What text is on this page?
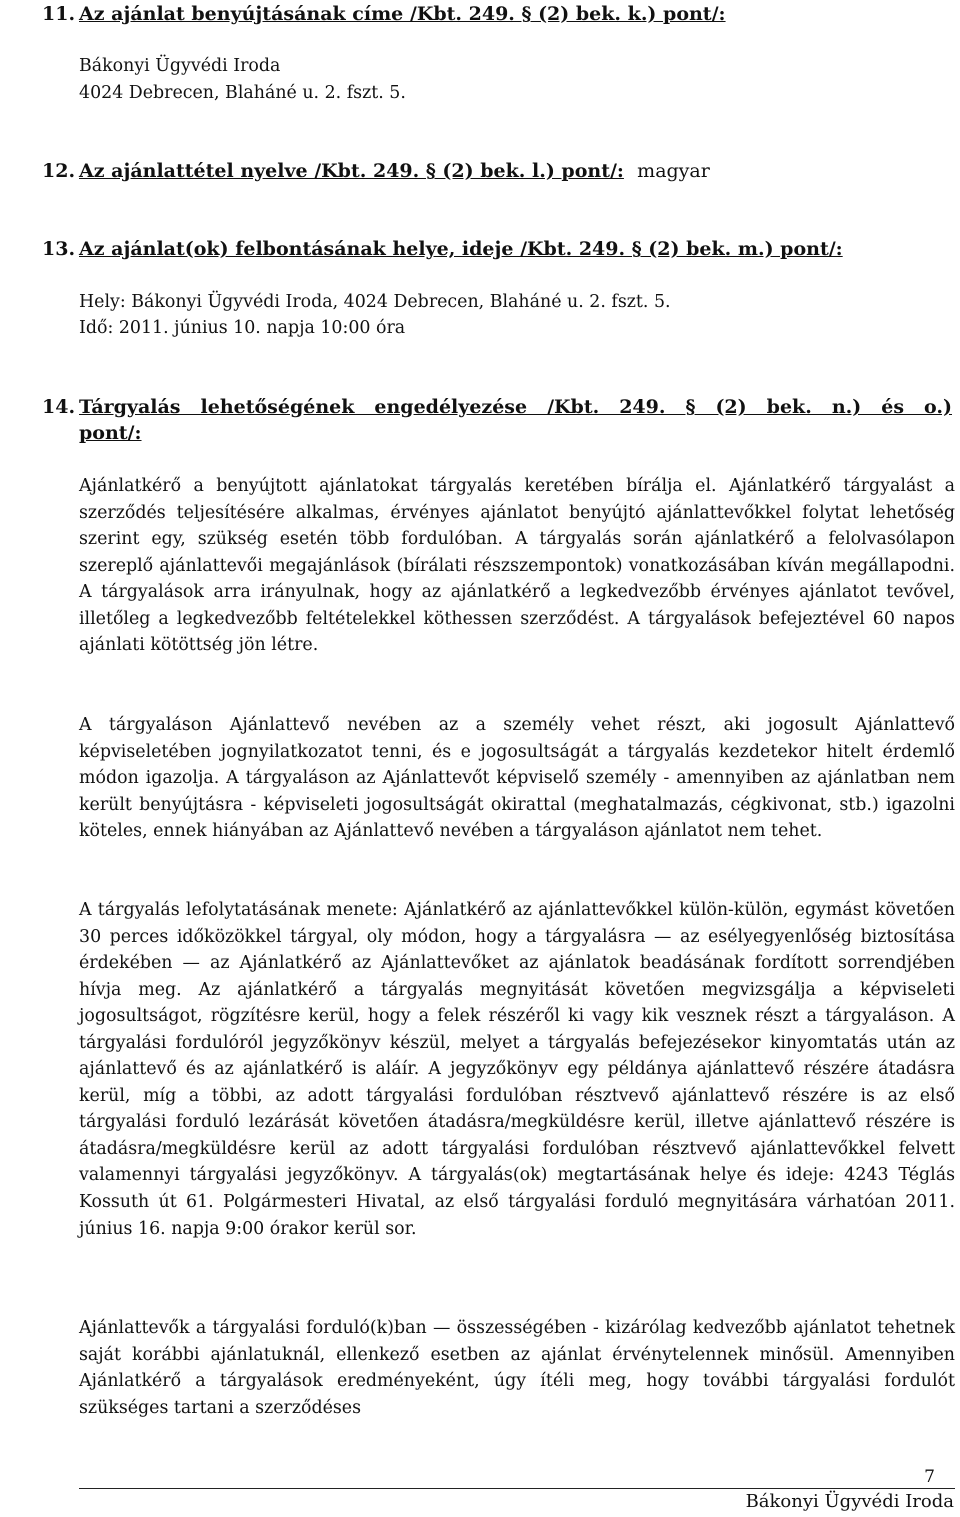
11. Az ajánlat benyújtásának címe /Kbt. 249. § (2) bek. k.) pont/:
Bákonyi Ügyvédi Iroda
4024 Debrecen, Blaháné u. 2. fszt. 5.
12. Az ajánlattétel nyelve /Kbt. 249. § (2) bek. l.) pont/: magyar
13. Az ajánlat(ok) felbontásának helye, ideje /Kbt. 249. § (2) bek. m.) pont/:
Hely: Bákonyi Ügyvédi Iroda, 4024 Debrecen, Blaháné u. 2. fszt. 5.
Idő: 2011. június 10. napja 10:00 óra
14. Tárgyalás lehetőségének engedélyezése /Kbt. 249. § (2) bek. n.) és o.)
pont/:

Ajánlatkérő a benyújtott ajánlatokat tárgyalás keretében bírálja el. Ajánlatkérő tárgyalást a szerződés teljesítésére alkalmas, érvényes ajánlatot benyújtó ajánlattevőkkel folytat lehetőség szerint egy, szükség esetén több fordulóban. A tárgyalás során ajánlatkérő a felolvasólapon szereplő ajánlattevői megajánlások (bírálati részszempontok) vonatkozásában kíván megállapodni. A tárgyalások arra irányulnak, hogy az ajánlatkérő a legkedvezőbb érvényes ajánlatot tevővel, illetőleg a legkedvezőbb feltételekkel köthessen szerződést. A tárgyalások befejeztével 60 napos ajánlati kötöttség jön létre.

A tárgyaláson Ajánlattevő nevében az a személy vehet részt, aki jogosult Ajánlattevő képviseletében jognyilatkozatot tenni, és e jogosultságát a tárgyalás kezdetekor hitelt érdemlő módon igazolja. A tárgyaláson az Ajánlattevőt képviselő személy - amennyiben az ajánlatban nem került benyújtásra - képviseleti jogosultságát okirattal (meghatalmazás, cégkivonat, stb.) igazolni köteles, ennek hiányában az Ajánlattevő nevében a tárgyaláson ajánlatot nem tehet.

A tárgyalás lefolytatásának menete: Ajánlatkérő az ajánlattevőkkel külön-külön, egymást követően 30 perces időközökkel tárgyal, oly módon, hogy a tárgyalásra — az esélyegyenlőség biztosítása érdekében — az Ajánlatkérő az Ajánlattevőket az ajánlatok beadásának fordított sorrendjében hívja meg. Az ajánlatkérő a tárgyalás megnyitását követően megvizsgálja a képviseleti jogosultságot, rögzítésre kerül, hogy a felek részéről ki vagy kik vesznek részt a tárgyaláson. A tárgyalási fordulóról jegyzőkönyv készül, melyet a tárgyalás befejezésekor kinyomtatás után az ajánlattevő és az ajánlatkérő is aláír. A jegyzőkönyv egy példánya ajánlattevő részére átadásra kerül, míg a többi, az adott tárgyalási fordulóban résztvevő ajánlattevő részére is az első tárgyalási forduló lezárását követően átadásra/megküldésre kerül, illetve ajánlattevő részére is átadásra/megküldésre kerül az adott tárgyalási fordulóban résztvevő ajánlattevőkkel felvett valamennyi tárgyalási jegyzőkönyv. A tárgyalás(ok) megtartásának helye és ideje: 4243 Téglás Kossuth út 61. Polgármesteri Hivatal, az első tárgyalási forduló megnyitására várhatóan 2011. június 16. napja 9:00 órakor kerül sor.

Ajánlattevők a tárgyalási forduló(k)ban — összességében - kizárólag kedvezőbb ajánlatot tehetnek saját korábbi ajánlatuknál, ellenkező esetben az ajánlat érvénytelennek minősül. Amennyiben Ajánlatkérő a tárgyalások eredményeként, úgy ítéli meg, hogy további tárgyalási fordulót szükséges tartani a szerződéses

7
Bákonyi Ügyvédi Iroda
